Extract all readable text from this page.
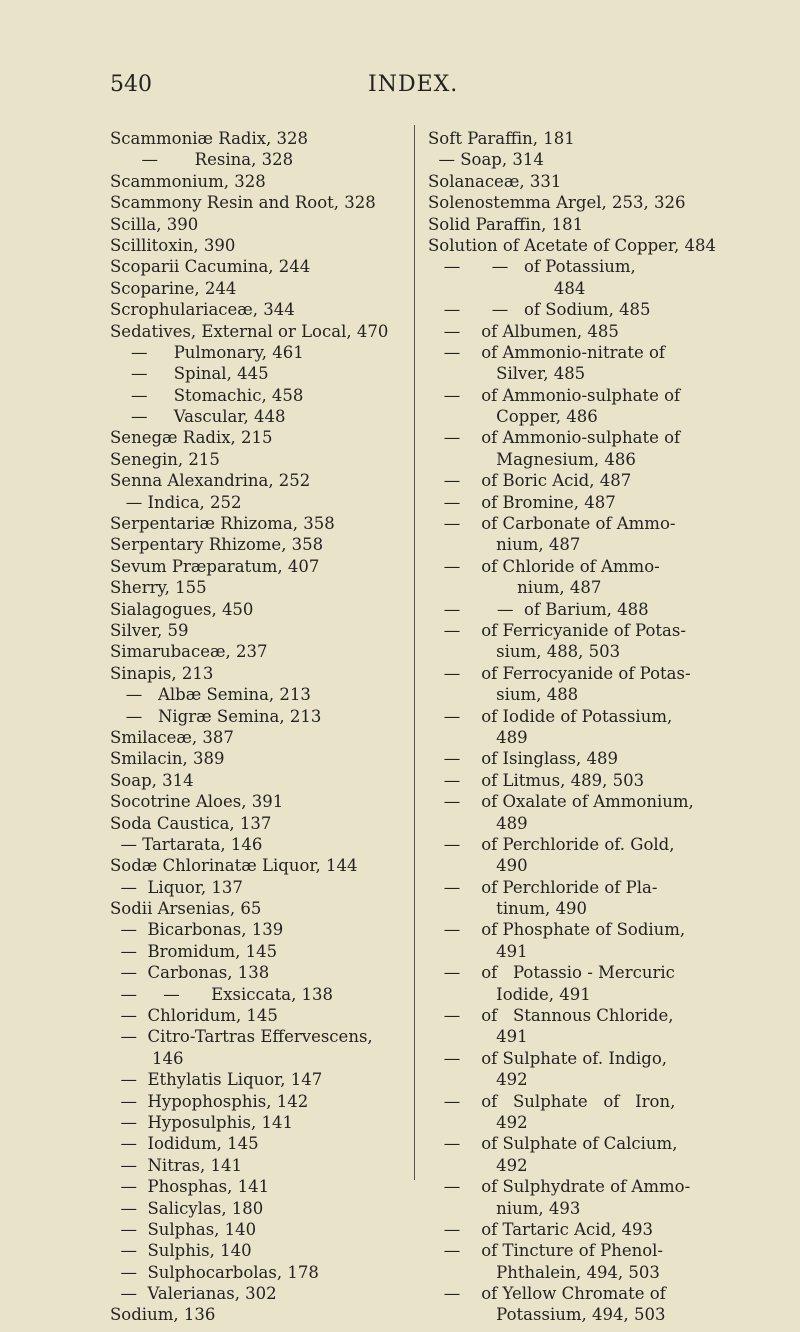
540	INDEX.
Scammoniæ Radix, 328
—       Resina, 328
Scammonium, 328
Scammony Resin and Root, 328
Scilla, 390
Scillitoxin, 390
Scoparii Cacumina, 244
Scoparine, 244
Scrophulariaceæ, 344
Sedatives, External or Local, 470
—     Pulmonary, 461
—     Spinal, 445
—     Stomachic, 458
—     Vascular, 448
Senegæ Radix, 215
Senegin, 215
Senna Alexandrina, 252
— Indica, 252
Serpentariæ Rhizoma, 358
Serpentary Rhizome, 358
Sevum Præparatum, 407
Sherry, 155
Sialagogues, 450
Silver, 59
Simarubaceæ, 237
Sinapis, 213
—   Albæ Semina, 213
—   Nigræ Semina, 213
Smilaceæ, 387
Smilacin, 389
Soap, 314
Socotrine Aloes, 391
Soda Caustica, 137
— Tartarata, 146
Sodæ Chlorinatæ Liquor, 144
—  Liquor, 137
Sodii Arsenias, 65
—  Bicarbonas, 139
—  Bromidum, 145
—  Carbonas, 138
—     —      Exsiccata, 138
—  Chloridum, 145
—  Citro-Tartras Effervescens,
146
—  Ethylatis Liquor, 147
—  Hypophosphis, 142
—  Hyposulphis, 141
—  Iodidum, 145
—  Nitras, 141
—  Phosphas, 141
—  Salicylas, 180
—  Sulphas, 140
—  Sulphis, 140
—  Sulphocarbolas, 178
—  Valerianas, 302
Sodium, 136
Soft Paraffin, 181
— Soap, 314
Solanaceæ, 331
Solenostemma Argel, 253, 326
Solid Paraffin, 181
Solution of Acetate of Copper, 484
—      —   of Potassium,
484
—      —   of Sodium, 485
—    of Albumen, 485
—    of Ammonio-nitrate of
Silver, 485
—    of Ammonio-sulphate of
Copper, 486
—    of Ammonio-sulphate of
Magnesium, 486
—    of Boric Acid, 487
—    of Bromine, 487
—    of Carbonate of Ammo-
nium, 487
—    of Chloride of Ammo-
nium, 487
—       —  of Barium, 488
—    of Ferricyanide of Potas-
sium, 488, 503
—    of Ferrocyanide of Potas-
sium, 488
—    of Iodide of Potassium,
489
—    of Isinglass, 489
—    of Litmus, 489, 503
—    of Oxalate of Ammonium,
489
—    of Perchloride of. Gold,
490
—    of Perchloride of Pla-
tinum, 490
—    of Phosphate of Sodium,
491
—    of   Potassio - Mercuric
Iodide, 491
—    of   Stannous Chloride,
491
—    of Sulphate of. Indigo,
492
—    of   Sulphate   of   Iron,
492
—    of Sulphate of Calcium,
492
—    of Sulphydrate of Ammo-
nium, 493
—    of Tartaric Acid, 493
—    of Tincture of Phenol-
Phthalein, 494, 503
—    of Yellow Chromate of
Potassium, 494, 503
